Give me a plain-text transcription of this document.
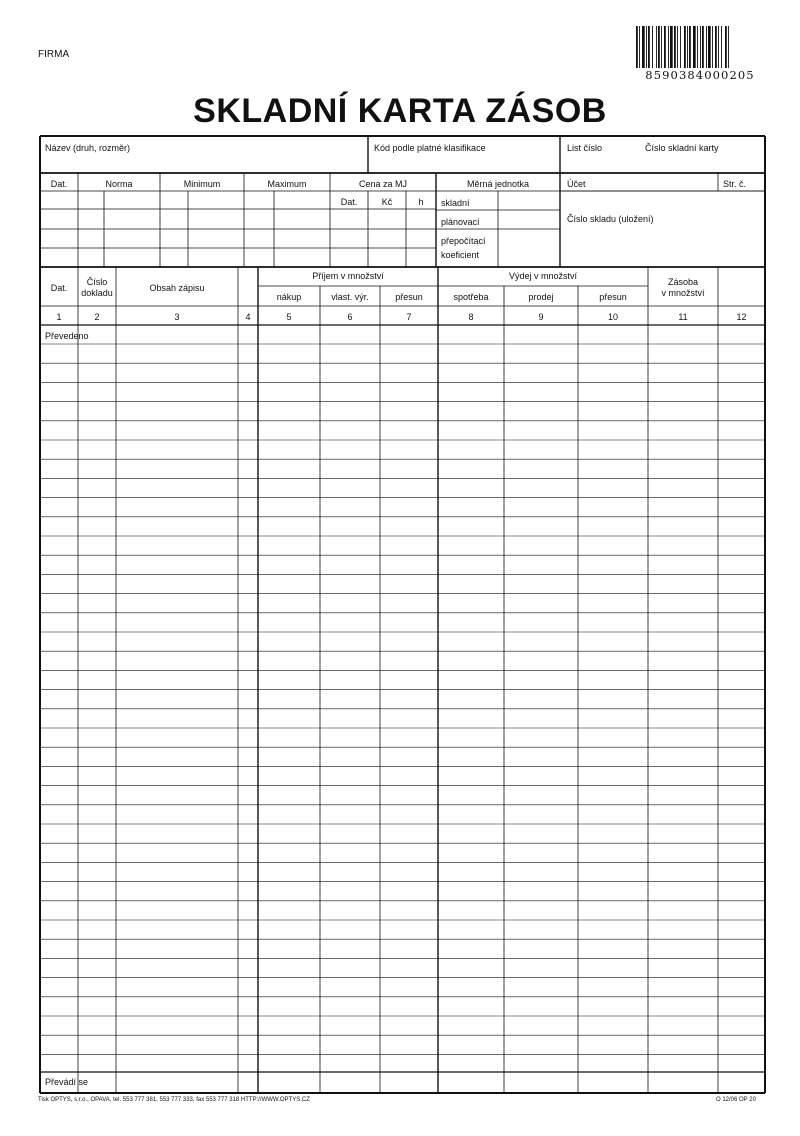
FIRMA
8590384000205
SKLADNÍ KARTA ZÁSOB
Název (druh, rozměr)	Kód podle platné klasifikace	List číslo	Číslo skladní karty
Dat.	Norma	Minimum	Maximum	Cena za MJ
Dat.	Kč	h
Měrná jednotka
skladní
plánovací
přepočítací
koeficient
Účet	Str. č.
Číslo skladu (uložení)
Dat.
Číslo
dokladu	Obsah zápisu
Příjem v množství
nákup	vlast. výr.	přesun
Výdej v množství
spotřeba	prodej	přesun
Zásoba
v množství
1	2	3	4	5	6	7	8	9	10	11	12
Převedeno
Převádí se
Tisk OPTYS, s.r.o., OPAVA, tel. 553 777 381, 553 777 333, fax 553 777 318 HTTP://WWW.OPTYS.CZ	O 12/06 OP 20
